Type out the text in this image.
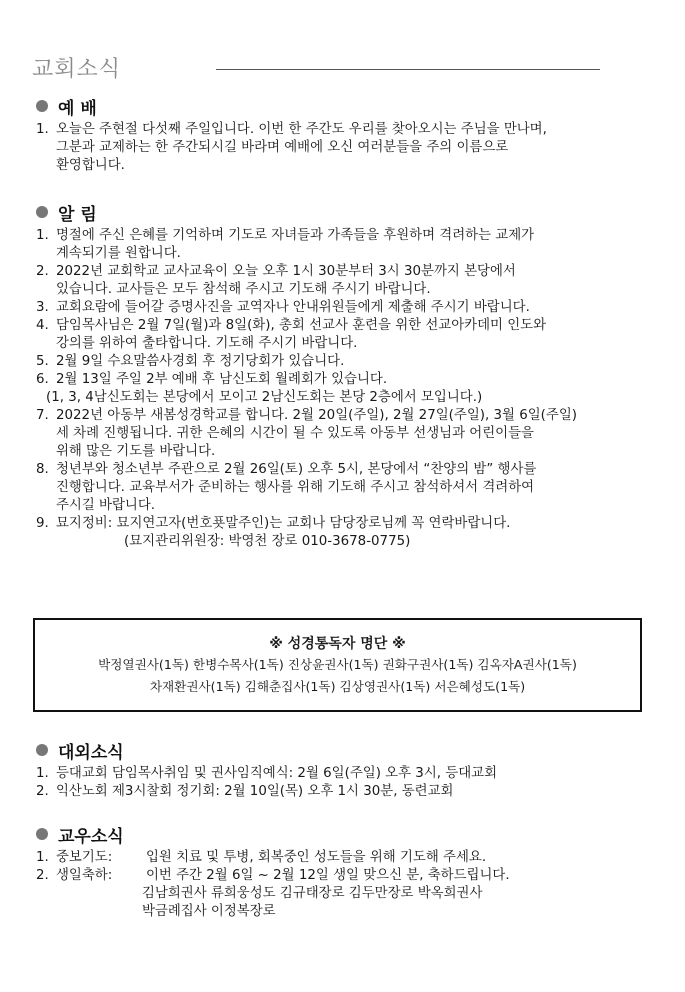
교회소식
예 배
1. 오늘은 주현절 다섯째 주일입니다. 이번 한 주간도 우리를 찾아오시는 주님을 만나며,
그분과 교제하는 한 주간되시길 바라며 예배에 오신 여러분들을 주의 이름으로
환영합니다.
알 림
1. 명절에 주신 은혜를 기억하며 기도로 자녀들과 가족들을 후원하며 격려하는 교제가
계속되기를 원합니다.
2. 2022년 교회학교 교사교육이 오늘 오후 1시 30분부터 3시 30분까지 본당에서
있습니다. 교사들은 모두 참석해 주시고 기도해 주시기 바랍니다.
3. 교회요람에 들어갈 증명사진을 교역자나 안내위원들에게 제출해 주시기 바랍니다.
4. 담임목사님은 2월 7일(월)과 8일(화), 총회 선교사 훈련을 위한 선교아카데미 인도와
강의를 위하여 출타합니다. 기도해 주시기 바랍니다.
5. 2월 9일 수요말씀사경회 후 정기당회가 있습니다.
6. 2월 13일 주일 2부 예배 후 남신도회 월례회가 있습니다.
(1, 3, 4남신도회는 본당에서 모이고 2남신도회는 본당 2층에서 모입니다.)
7. 2022년 아동부 새봄성경학교를 합니다. 2월 20일(주일), 2월 27일(주일), 3월 6일(주일)
세 차례 진행됩니다. 귀한 은혜의 시간이 될 수 있도록 아동부 선생님과 어린이들을
위해 많은 기도를 바랍니다.
8. 청년부와 청소년부 주관으로 2월 26일(토) 오후 5시, 본당에서 “찬양의 밤” 행사를
진행합니다. 교육부서가 준비하는 행사를 위해 기도해 주시고 참석하셔서 격려하여
주시길 바랍니다.
9. 묘지정비: 묘지연고자(번호푯말주인)는 교회나 담당장로님께 꼭 연락바랍니다.
(묘지관리위원장: 박영천 장로 010-3678-0775)
※ 성경통독자 명단 ※
박정열권사(1독) 한병수목사(1독) 진상윤권사(1독) 권화구권사(1독) 김옥자A권사(1독)
차재환권사(1독) 김해춘집사(1독) 김상영권사(1독) 서은혜성도(1독)
대외소식
1. 등대교회 담임목사취임 및 권사임직예식: 2월 6일(주일) 오후 3시, 등대교회
2. 익산노회 제3시찰회 정기회: 2월 10일(목) 오후 1시 30분, 동련교회
교우소식
1. 중보기도:	입원 치료 및 투병, 회복중인 성도들을 위해 기도해 주세요.
2. 생일축하:	이번 주간 2월 6일 ~ 2월 12일 생일 맞으신 분, 축하드립니다.
김남희권사 류희웅성도 김규태장로 김두만장로 박옥희권사
박금례집사 이정복장로
